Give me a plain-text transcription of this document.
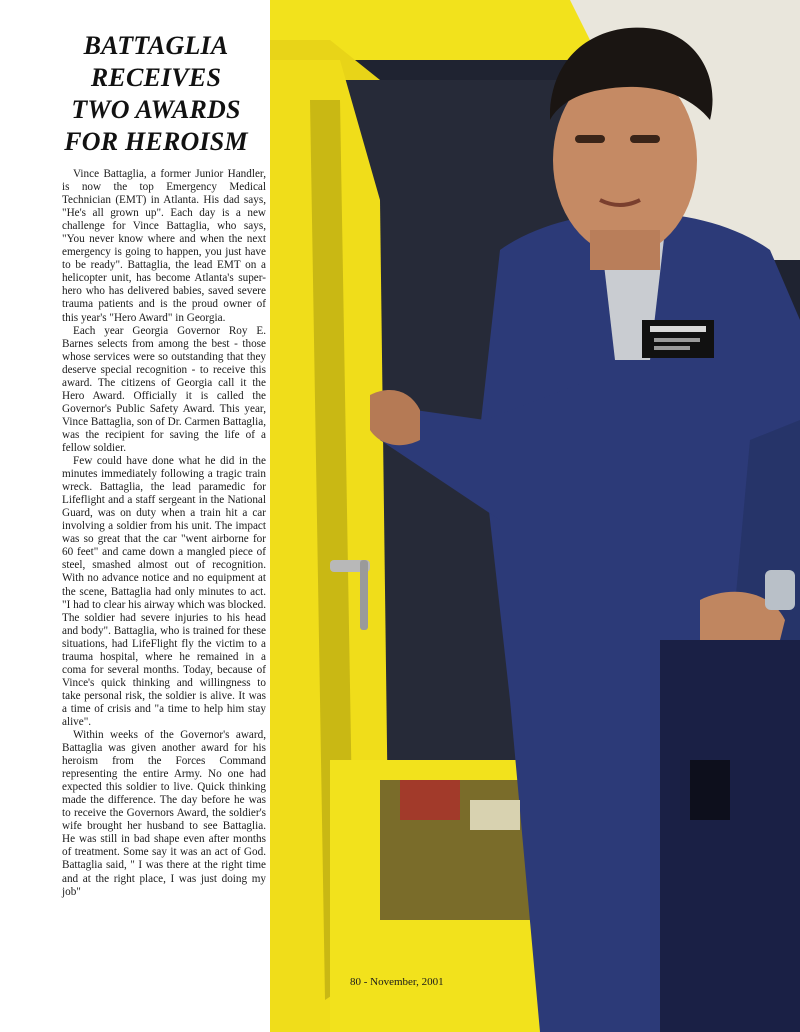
BATTAGLIA
RECEIVES
TWO AWARDS
FOR HEROISM

Vince Battaglia, a former Junior Handler, is now the top Emergency Medical Technician (EMT) in Atlanta. His dad says, "He's all grown up". Each day is a new challenge for Vince Battaglia, who says, "You never know where and when the next emergency is going to happen, you just have to be ready". Battaglia, the lead EMT on a helicopter unit, has become Atlanta's super-hero who has delivered babies, saved severe trauma patients and is the proud owner of this year's "Hero Award" in Georgia.

Each year Georgia Governor Roy E. Barnes selects from among the best - those whose services were so outstanding that they deserve special recognition - to receive this award. The citizens of Georgia call it the Hero Award. Officially it is called the Governor's Public Safety Award. This year, Vince Battaglia, son of Dr. Carmen Battaglia, was the recipient for saving the life of a fellow soldier.

Few could have done what he did in the minutes immediately following a tragic train wreck. Battaglia, the lead paramedic for Lifeflight and a staff sergeant in the National Guard, was on duty when a train hit a car involving a soldier from his unit. The impact was so great that the car "went airborne for 60 feet" and came down a mangled piece of steel, smashed almost out of recognition. With no advance notice and no equipment at the scene, Battaglia had only minutes to act. "I had to clear his airway which was blocked. The soldier had severe injuries to his head and body". Battaglia, who is trained for these situations, had LifeFlight fly the victim to a trauma hospital, where he remained in a coma for several months. Today, because of Vince's quick thinking and willingness to take personal risk, the soldier is alive. It was a time of crisis and "a time to help him stay alive".

Within weeks of the Governor's award, Battaglia was given another award for his heroism from the Forces Command representing the entire Army. No one had expected this soldier to live. Quick thinking made the difference. The day before he was to receive the Governors Award, the soldier's wife brought her husband to see Battaglia. He was still in bad shape even after months of treatment. Some say it was an act of God. Battaglia said, " I was there at the right time and at the right place, I was just doing my job"

80 - November, 2001
